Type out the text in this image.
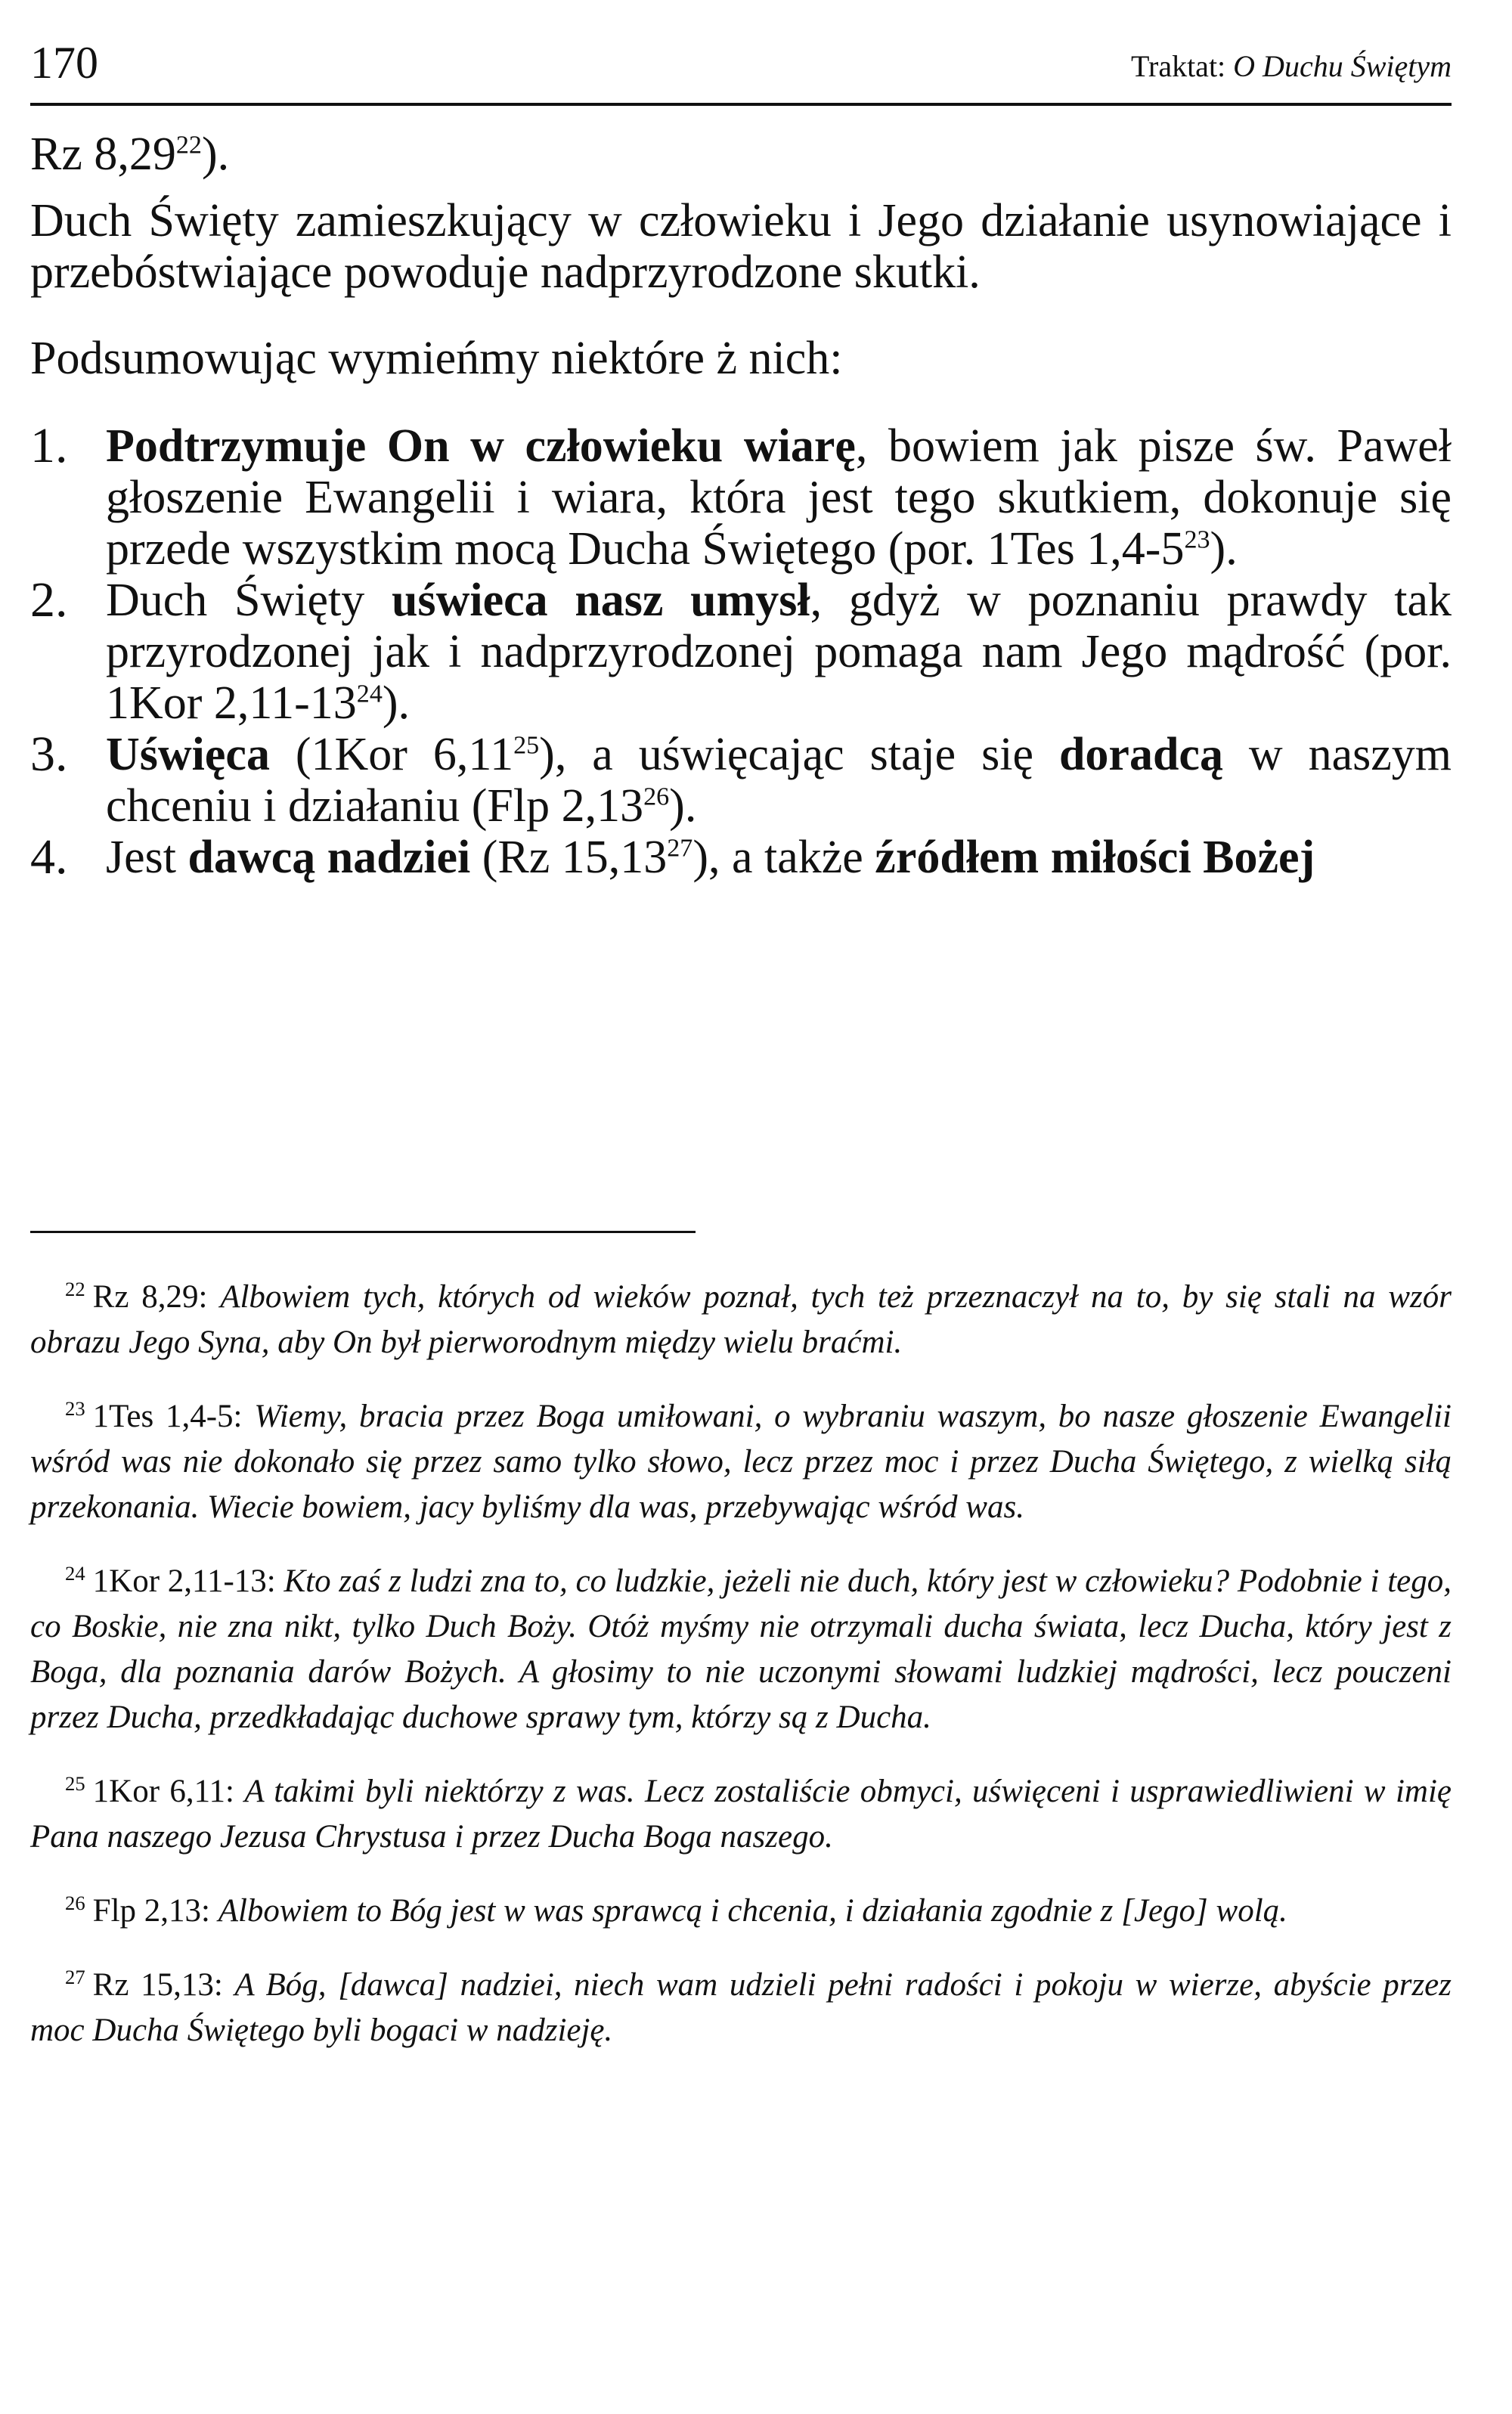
170	Traktat: O Duchu Świętym

Rz 8,29$^{22}$).

Duch Święty zamieszkujący w człowieku i Jego działanie usynowiające i przebóstwiające powoduje nadprzyrodzone skutki.

Podsumowując wymieńmy niektóre ż nich:

1. Podtrzymuje On w człowieku wiarę, bowiem jak pisze św. Paweł głoszenie Ewangelii i wiara, która jest tego skutkiem, dokonuje się przede wszystkim mocą Ducha Świętego (por. 1Tes $1,4-5^{23}$).
2. Duch Święty uświeca nasz umysł, gdyż w poznaniu prawdy tak przyrodzonej jak i nadprzyrodzonej pomaga nam Jego mądrość (por. 1Kor $2,11-13^{24}$).
3. Uświęca (1Kor 6,11$^{25}$), a uświęcając staje się doradcą w naszym chceniu i działaniu (Flp 2,13$^{26}$).
4. Jest dawcą nadziei (Rz 15,13$^{27}$), a także źródłem miłości Bożej

$^{22}$ Rz 8,29: Albowiem tych, których od wieków poznał, tych też przeznaczył na to, by się stali na wzór obrazu Jego Syna, aby On był pierworodnym między wielu braćmi.

$^{23}$ 1Tes 1,4-5: Wiemy, bracia przez Boga umiłowani, o wybraniu waszym, bo nasze głoszenie Ewangelii wśród was nie dokonało się przez samo tylko słowo, lecz przez moc i przez Ducha Świętego, z wielką siłą przekonania. Wiecie bowiem, jacy byliśmy dla was, przebywając wśród was.

$^{24}$ 1Kor 2,11-13: Kto zaś z ludzi zna to, co ludzkie, jeżeli nie duch, który jest w człowieku? Podobnie i tego, co Boskie, nie zna nikt, tylko Duch Boży. Otóż myśmy nie otrzymali ducha świata, lecz Ducha, który jest z Boga, dla poznania darów Bożych. A głosimy to nie uczonymi słowami ludzkiej mądrości, lecz pouczeni przez Ducha, przedkładając duchowe sprawy tym, którzy są z Ducha.

$^{25}$ 1Kor 6,11: A takimi byli niektórzy z was. Lecz zostaliście obmyci, uświęceni i usprawiedliwieni w imię Pana naszego Jezusa Chrystusa i przez Ducha Boga naszego.

$^{26}$ Flp 2,13: Albowiem to Bóg jest w was sprawcą i chcenia, i działania zgodnie z [Jego] wolą.

$^{27}$ Rz 15,13: A Bóg, [dawca] nadziei, niech wam udzieli pełni radości i pokoju w wierze, abyście przez moc Ducha Świętego byli bogaci w nadzieję.
